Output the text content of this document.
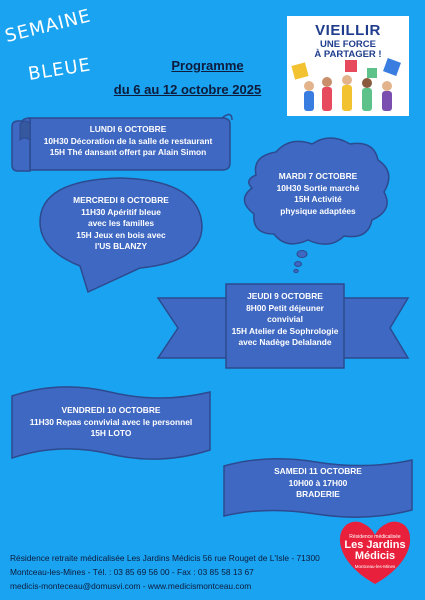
SEMAINE
BLEUE	Programme
du 6 au 12 octobre 2025
VIEILLIR
UNE FORCE
À PARTAGER !
LUNDI 6 OCTOBRE
10H30 Décoration de la salle de restaurant
15H Thé dansant offert par Alain Simon
MARDI 7 OCTOBRE
10H30 Sortie marché
15H Activité
physique adaptées
MERCREDI 8 OCTOBRE
11H30 Apéritif bleue
avec les familles
15H Jeux en bois avec
l'US BLANZY
JEUDI 9 OCTOBRE
8H00 Petit déjeuner
convivial
15H Atelier de Sophrologie
avec Nadège Delalande
VENDREDI 10 OCTOBRE
11H30 Repas convivial avec le personnel
15H LOTO
SAMEDI 11 OCTOBRE
10H00 à 17H00
BRADERIE
Résidence retraite médicalisée Les Jardins Médicis 56 rue Rouget de L'Isle - 71300
Montceau-les-Mines - Tél. : 03 85 69 56 00 - Fax : 03 85 58 13 67
medicis-monteceau@domusvi.com - www.medicismontceau.com
Résidence médicalisée
Les Jardins
Médicis
Montceau-les-Mines
